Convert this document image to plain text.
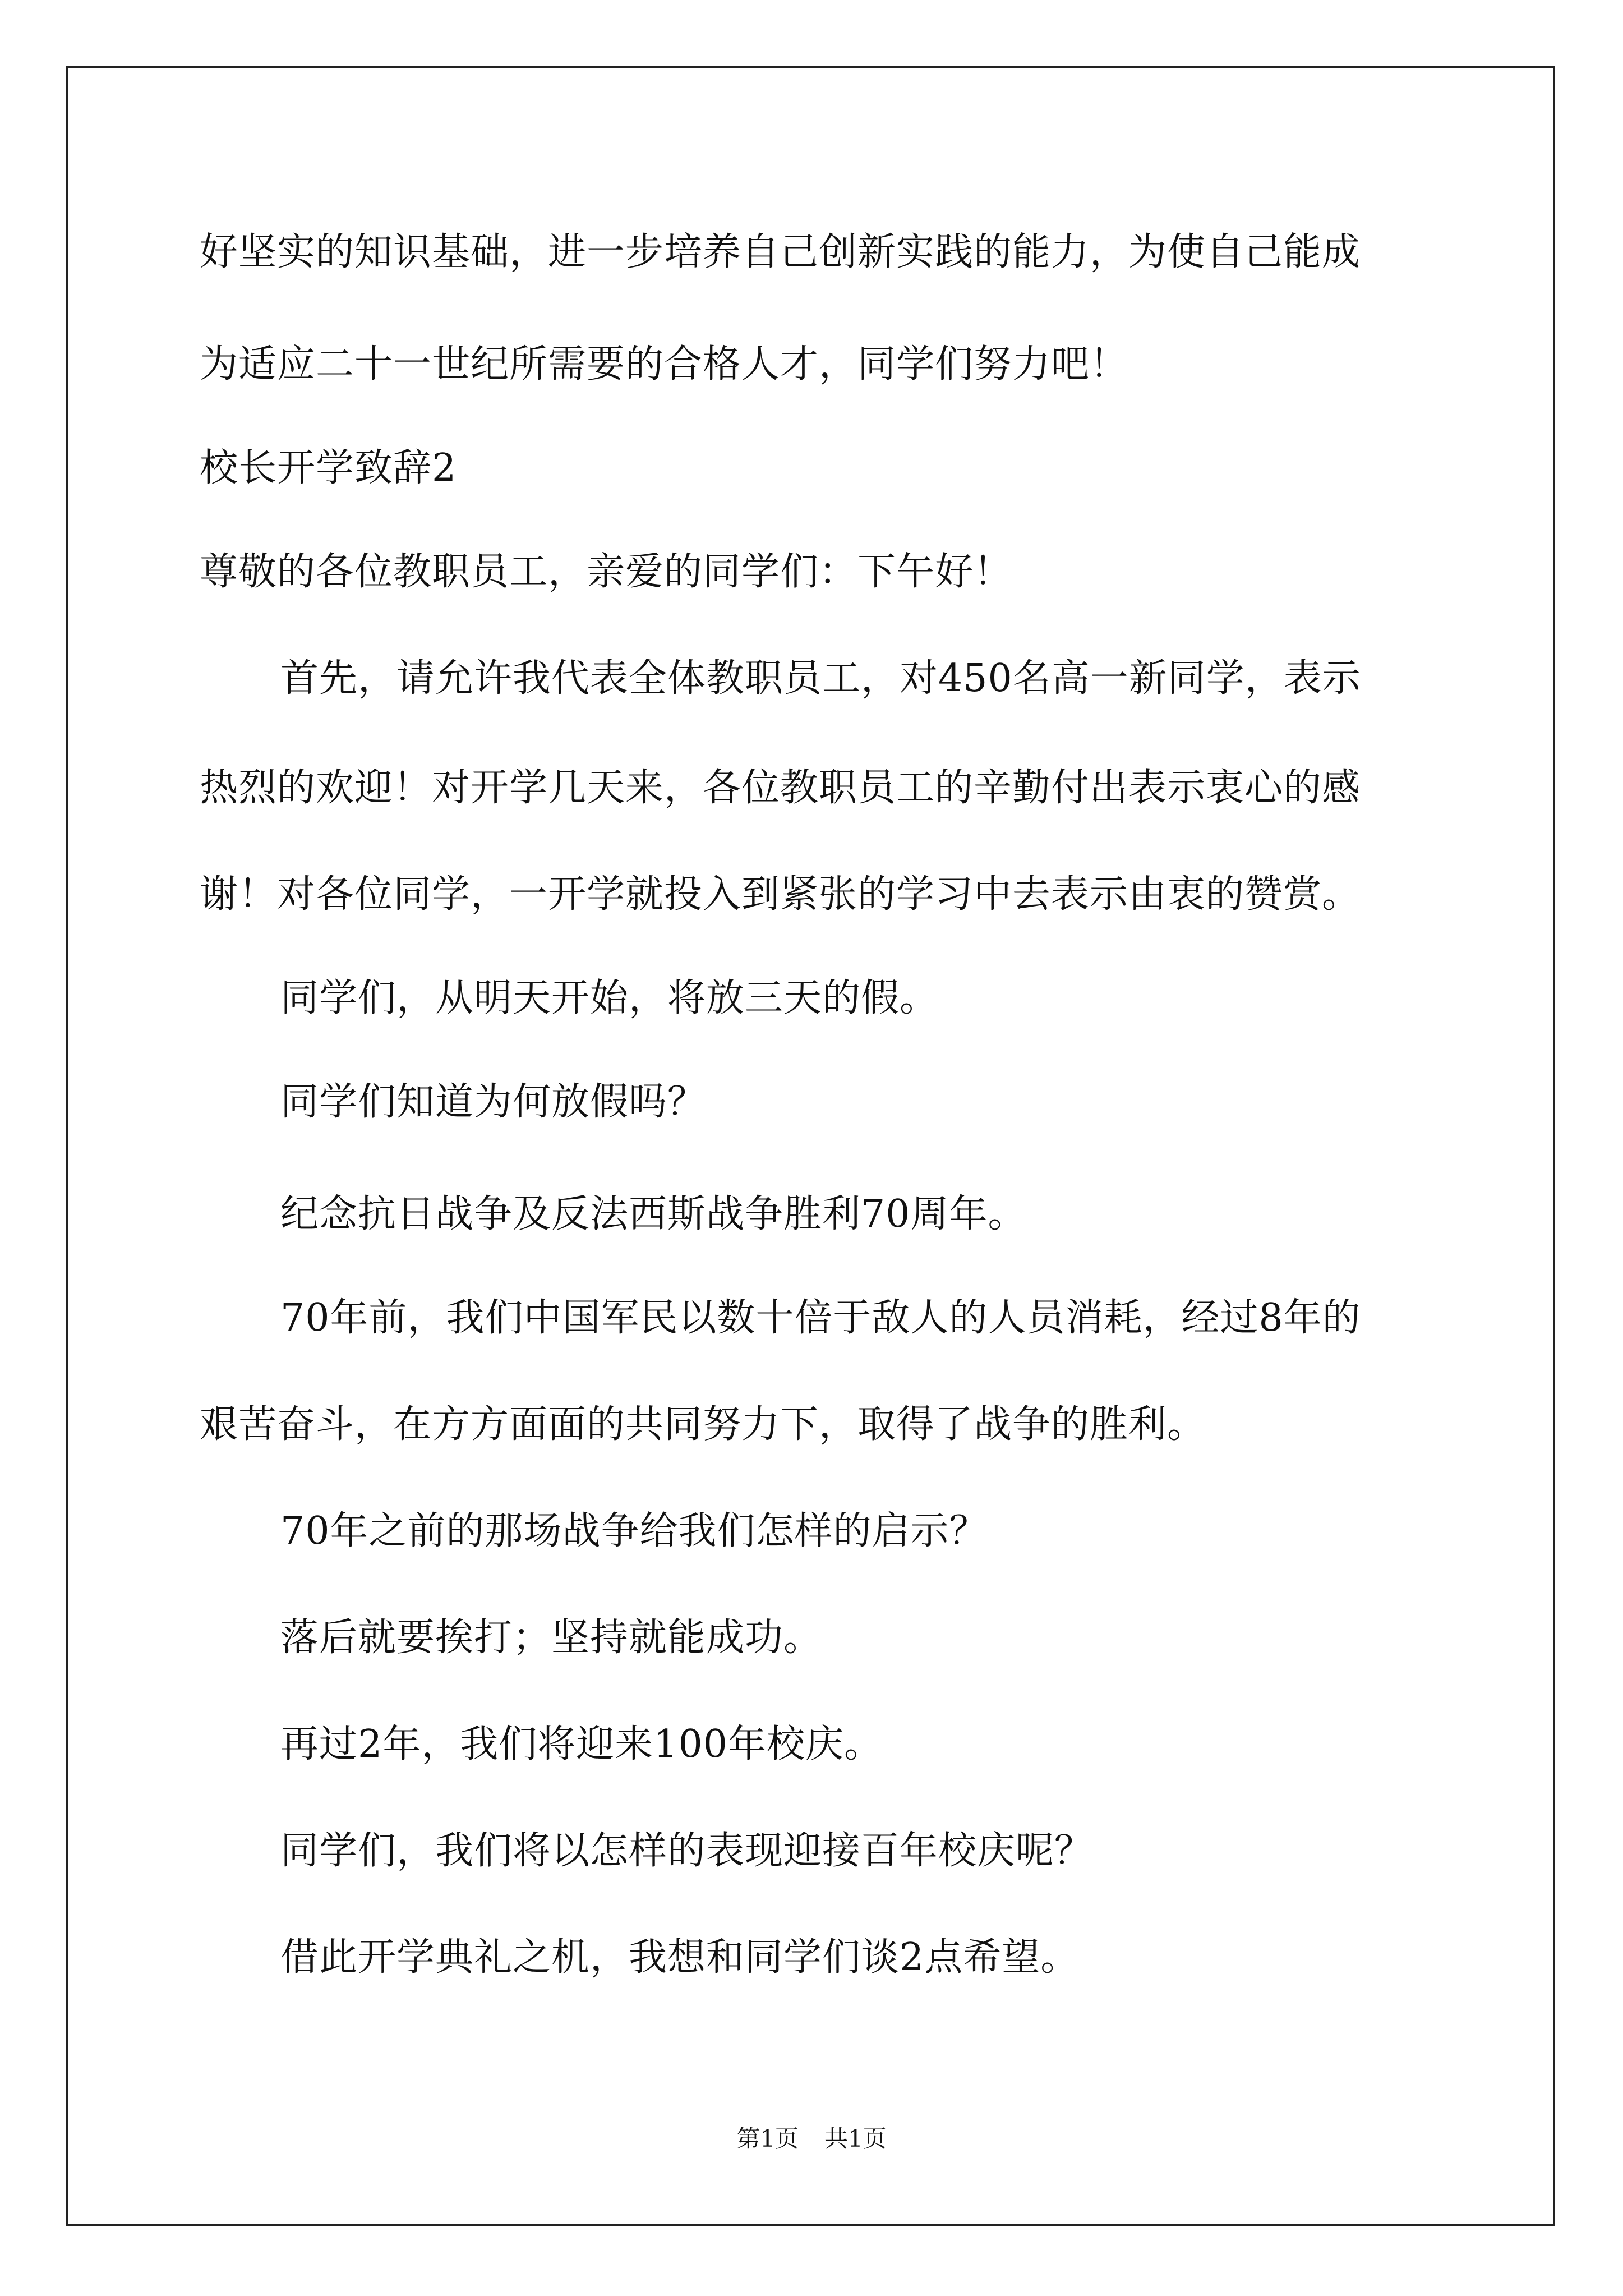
好坚实的知识基础，进一步培养自己创新实践的能力，为使自己能成

为适应二十一世纪所需要的合格人才，同学们努力吧！

校长开学致辞2

尊敬的各位教职员工，亲爱的同学们：下午好！

首先，请允许我代表全体教职员工，对450名高一新同学，表示

热烈的欢迎！对开学几天来，各位教职员工的辛勤付出表示衷心的感

谢！对各位同学，一开学就投入到紧张的学习中去表示由衷的赞赏。

同学们，从明天开始，将放三天的假。

同学们知道为何放假吗？

纪念抗日战争及反法西斯战争胜利70周年。

70年前，我们中国军民以数十倍于敌人的人员消耗，经过8年的

艰苦奋斗，在方方面面的共同努力下，取得了战争的胜利。

70年之前的那场战争给我们怎样的启示？

落后就要挨打；坚持就能成功。

再过2年，我们将迎来100年校庆。

同学们，我们将以怎样的表现迎接百年校庆呢？

借此开学典礼之机，我想和同学们谈2点希望。

第1页 共1页
